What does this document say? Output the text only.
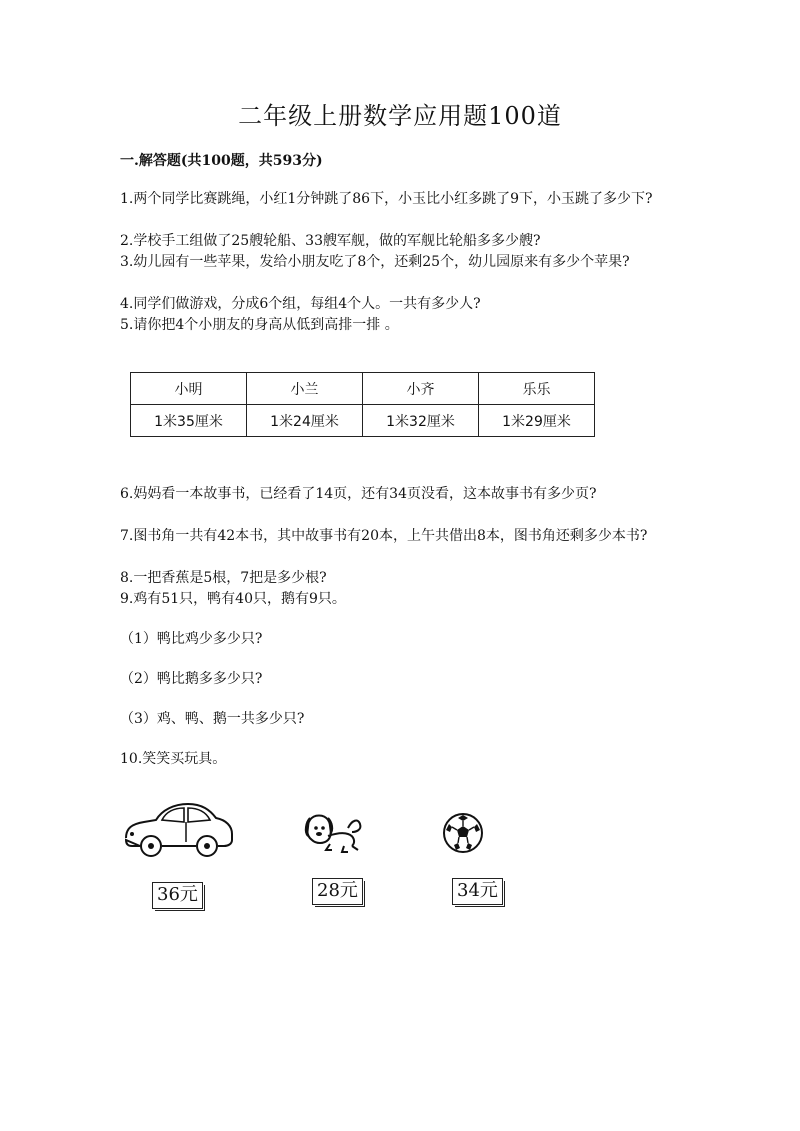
二年级上册数学应用题100道
一.解答题(共100题，共593分)
1.两个同学比赛跳绳，小红1分钟跳了86下，小玉比小红多跳了9下，小玉跳了多少下?
2.学校手工组做了25艘轮船、33艘军舰，做的军舰比轮船多多少艘?
3.幼儿园有一些苹果，发给小朋友吃了8个，还剩25个，幼儿园原来有多少个苹果?
4.同学们做游戏，分成6个组，每组4个人。一共有多少人?
5.请你把4个小朋友的身高从低到高排一排 。
小明	小兰	小齐	乐乐
1米35厘米	1米24厘米	1米32厘米	1米29厘米
6.妈妈看一本故事书，已经看了14页，还有34页没看，这本故事书有多少页?
7.图书角一共有42本书，其中故事书有20本，上午共借出8本，图书角还剩多少本书?
8.一把香蕉是5根，7把是多少根?
9.鸡有51只，鸭有40只，鹅有9只。
（1）鸭比鸡少多少只?
（2）鸭比鹅多多少只?
（3）鸡、鸭、鹅一共多少只?
10.笑笑买玩具。
36元	28元	34元
